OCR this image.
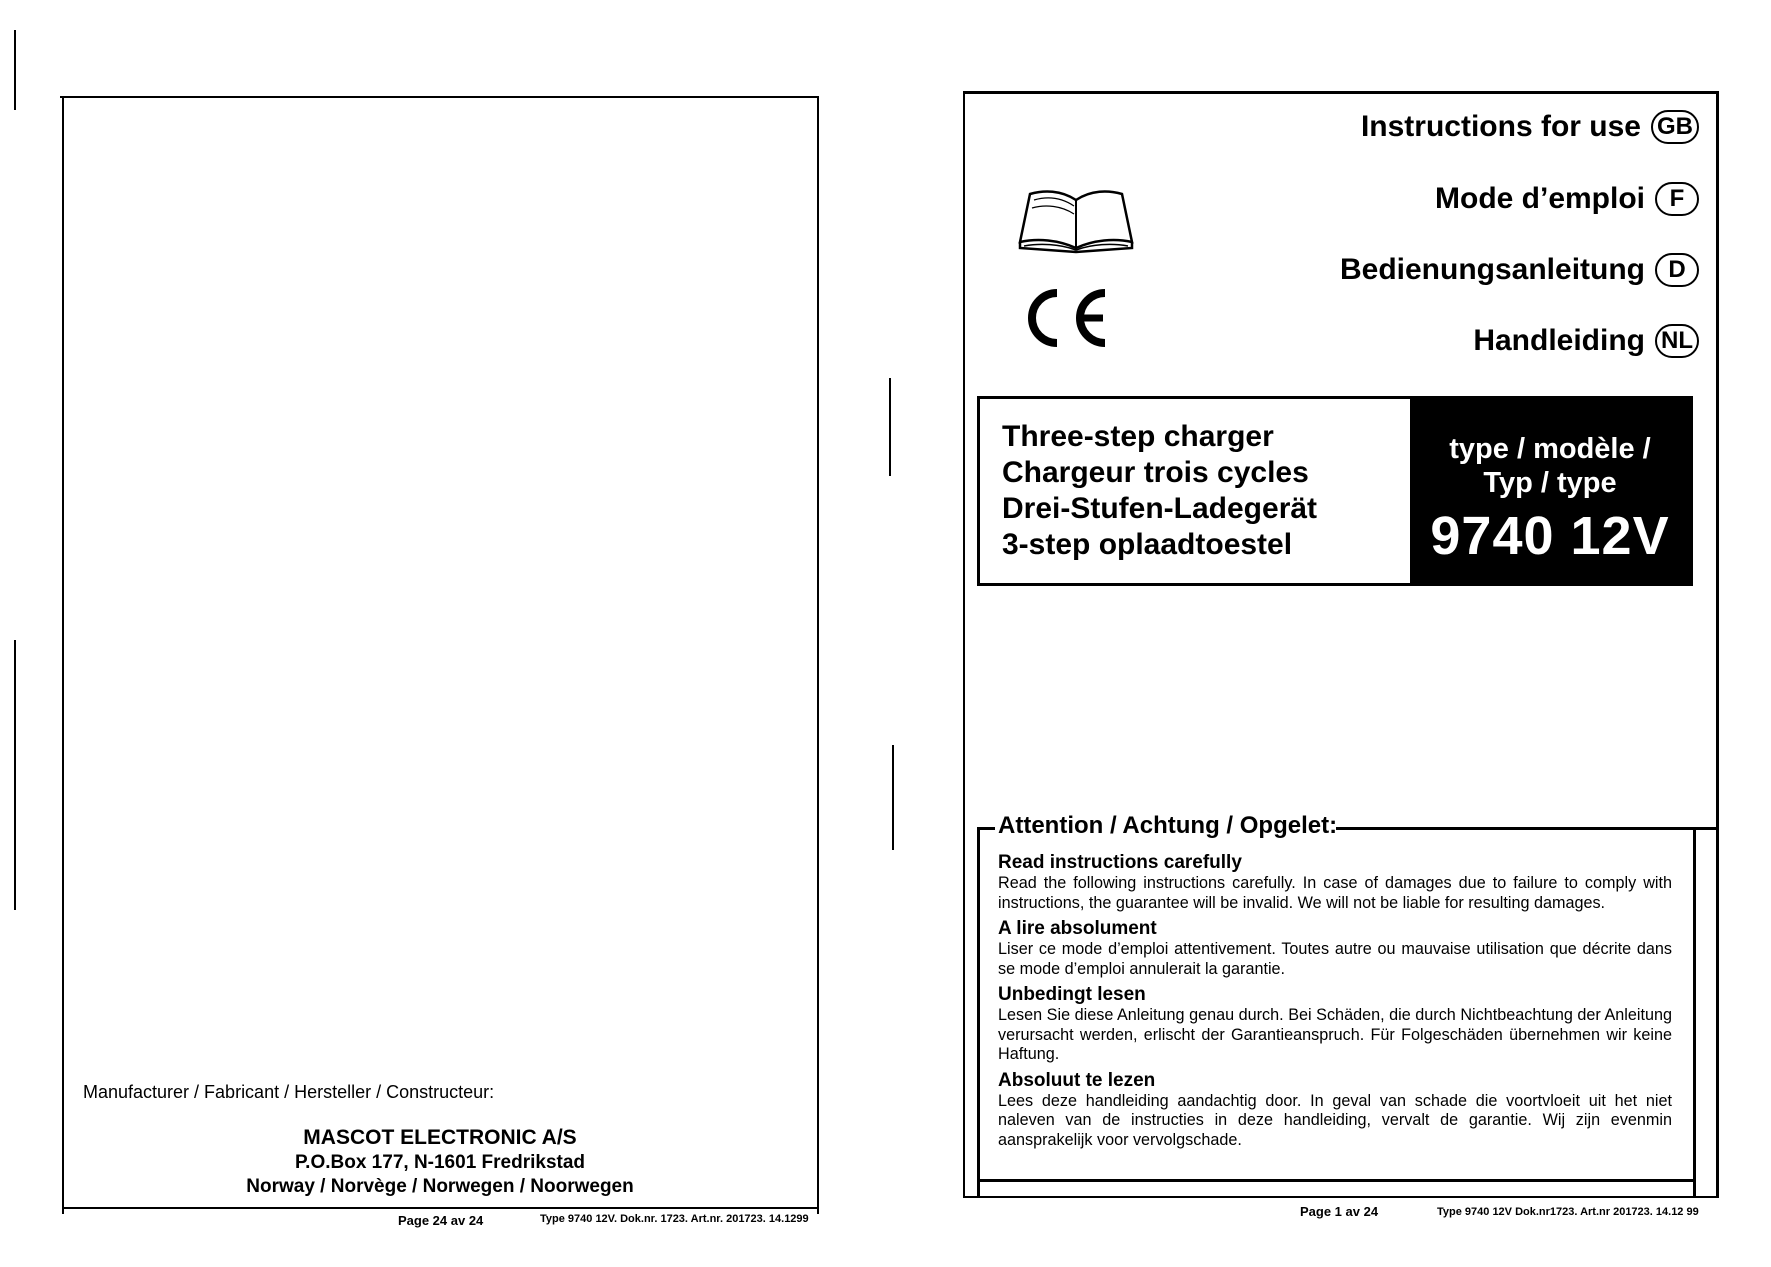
Manufacturer / Fabricant / Hersteller / Constructeur:
MASCOT ELECTRONIC A/S
P.O.Box 177, N-1601 Fredrikstad
Norway / Norvège / Norwegen / Noorwegen
Page 24 av 24	Type 9740 12V. Dok.nr. 1723. Art.nr. 201723. 14.1299
Instructions for use GB
Mode d’emploi	F
Bedienungsanleitung D
Handleiding NL
Three-step charger
Chargeur trois cycles
Drei-Stufen-Ladegerät
3-step oplaadtoestel
type / modèle /
Typ / type
9740 12V
Attention / Achtung / Opgelet:
Read instructions carefully
Read the following instructions carefully. In case of damages due to failure to comply with instructions, the guarantee will be invalid. We will not be liable for resulting damages.
A lire absolument
Liser ce mode d’emploi attentivement. Toutes autre ou mauvaise utilisation que décrite dans se mode d’emploi annulerait la garantie.
Unbedingt lesen
Lesen Sie diese Anleitung genau durch. Bei Schäden, die durch Nichtbeachtung der Anleitung verursacht werden, erlischt der Garantieanspruch. Für Folgeschäden übernehmen wir keine Haftung.
Absoluut te lezen
Lees deze handleiding aandachtig door. In geval van schade die voortvloeit uit het niet naleven van de instructies in deze handleiding, vervalt de garantie. Wij zijn evenmin aansprakelijk voor vervolgschade.
Page 1 av 24	Type 9740 12V Dok.nr1723. Art.nr 201723. 14.12 99
